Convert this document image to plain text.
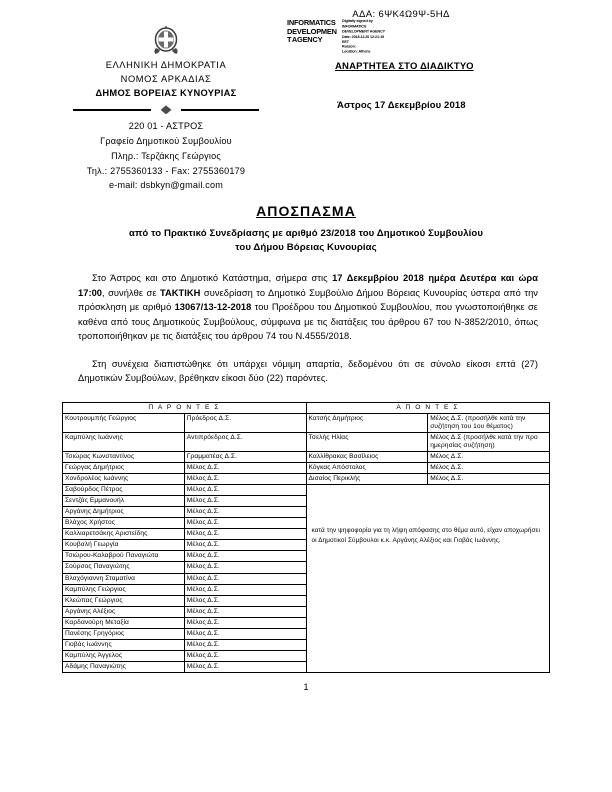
ΑΔΑ: 6ΨΚ4Ω9Ψ-5ΗΔ
INFORMATICS
DEVELOPMEN
T AGENCY
Digitally signed by
INFORMATICS
DEVELOPMENT AGENCY
Date: 2018.12.20 12:21:15
EET
Reason:
Location: Athens
ΑΝΑΡΤΗΤΕΑ ΣΤΟ ΔΙΑΔΙΚΤΥΟ
Άστρος 17 Δεκεμβρίου 2018
ΕΛΛΗΝΙΚΗ ΔΗΜΟΚΡΑΤΙΑ
ΝΟΜΟΣ ΑΡΚΑΔΙΑΣ
ΔΗΜΟΣ ΒΟΡΕΙΑΣ ΚΥΝΟΥΡΙΑΣ
220 01 - ΑΣΤΡΟΣ
Γραφείο Δημοτικού Συμβουλίου
Πληρ.: Τερζάκης Γεώργιος
Τηλ.: 2755360133 - Fax: 2755360179
e-mail: dsbkyn@gmail.com
ΑΠΟΣΠΑΣΜΑ
από το Πρακτικό Συνεδρίασης με αριθμό 23/2018 του Δημοτικού Συμβουλίου
του Δήμου Βόρειας Κυνουρίας

Στο Άστρος και στο Δημοτικό Κατάστημα, σήμερα στις 17 Δεκεμβρίου 2018 ημέρα Δευτέρα και ώρα 17:00, συνήλθε σε ΤΑΚΤΙΚΗ συνεδρίαση το Δημοτικό Συμβούλιο Δήμου Βόρειας Κυνουρίας ύστερα από την πρόσκληση με αριθμό 13067/13-12-2018 του Προέδρου του Δημοτικού Συμβουλίου, που γνωστοποιήθηκε σε καθένα από τους Δημοτικούς Συμβούλους, σύμφωνα με τις διατάξεις του άρθρου 67 του Ν-3852/2010, όπως τροποποιήθηκαν με τις διατάξεις του άρθρου 74 του Ν.4555/2018.

Στη συνέχεια διαπιστώθηκε ότι υπάρχει νόμιμη απαρτία, δεδομένου ότι σε σύνολο είκοσι επτά (27) Δημοτικών Συμβούλων, βρέθηκαν είκοσι δύο (22) παρόντες.

Π Α Ρ Ο Ν Τ Ε Σ		Α Π Ο Ν Τ Ε Σ	
Κουτρουμπής Γεώργιος	Πρόεδρος Δ.Σ.	Κατσής Δημήτριος	Μέλος Δ.Σ. (προσήλθε κατά την συζήτηση του 1ου θέματος)
Καμπύλης Ιωάννης	Αντιπρόεδρος Δ.Σ.	Τσελής Ηλίας	Μέλος Δ.Σ (προσήλθε κατά την προ ημερησίας συζήτηση)
Τσιώρας Κωνσταντίνος	Γραμματέας Δ.Σ.	Καλλίθρακας Βασίλειος	Μέλος Δ.Σ.
Γεώργας Δημήτριος	Μέλος Δ.Σ.	Κόγκας Απόστολος	Μέλος Δ.Σ.
Χονδρολέος Ιωάννης	Μέλος Δ.Σ.	Δισαίος Περικλής	Μέλος Δ.Σ.
Σαβούρδος Πέτρος	Μέλος Δ.Σ.	κατά την ψηφοφορία για τη λήψη απόφασης στο θέμα αυτό, είχαν αποχωρήσει οι Δημοτικοί Σύμβουλοι κ.κ. Αργάνης Αλέξιος και Γιοβάς Ιωάννης.	

Σεντζάς Εμμανουήλ	Μέλος Δ.Σ.		
Αργάνης Δημήτριος	Μέλος Δ.Σ.		
Βλάχος Χρήστος	Μέλος Δ.Σ.		
Καλλιαρετσάκης Αριστείδης	Μέλος Δ.Σ.		
Κουβαλή Γεωργία	Μέλος Δ.Σ.		
Τσιώρου-Καλαβρού Παναγιώτα	Μέλος Δ.Σ.		
Σούρσος Παναγιώτης	Μέλος Δ.Σ.		
Βλαχόγιαννη Σταματίνα	Μέλος Δ.Σ.		
Καμπύλης Γεώργιος	Μέλος Δ.Σ.		
Κλεώπας Γεώργιος	Μέλος Δ.Σ.		
Αργάνης Αλέξιος	Μέλος Δ.Σ.		
Καρδανούρη Μεταξία	Μέλος Δ.Σ.		
Πανέσης Γρηγόριος	Μέλος Δ.Σ.		
Γιοβάς Ιωάννης	Μέλος Δ.Σ.		
Καμπύλης Άγγελος	Μέλος Δ.Σ.		
Αδάμης Παναγιώτης	Μέλος Δ.Σ.		
1
